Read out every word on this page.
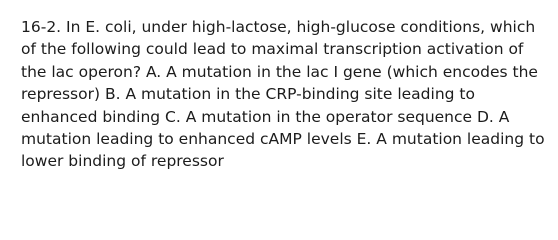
16-2. In E. coli, under high-lactose, high-glucose conditions, which of the following could lead to maximal transcription activation of the lac operon? A. A mutation in the lac I gene (which encodes the repressor) B. A mutation in the CRP-binding site leading to enhanced binding C. A mutation in the operator sequence D. A mutation leading to enhanced cAMP levels E. A mutation leading to lower binding of repressor
